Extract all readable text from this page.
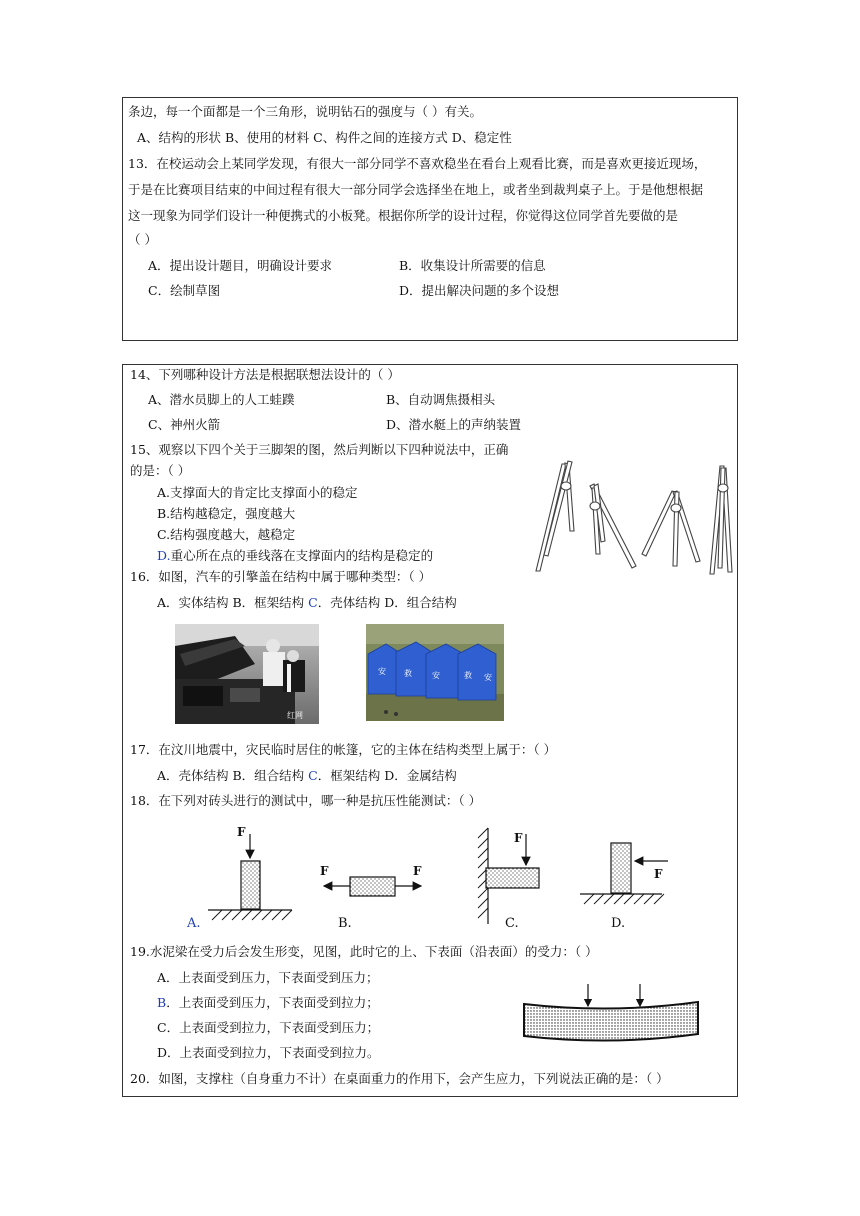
条边，每一个面都是一个三角形，说明钻石的强度与（ ）有关。
A、结构的形状 B、使用的材料 C、构件之间的连接方式 D、稳定性
13．在校运动会上某同学发现，有很大一部分同学不喜欢稳坐在看台上观看比赛，而是喜欢更接近现场，
于是在比赛项目结束的中间过程有很大一部分同学会选择坐在地上，或者坐到裁判桌子上。于是他想根据
这一现象为同学们设计一种便携式的小板凳。根据你所学的设计过程，你觉得这位同学首先要做的是
（ ）
A．提出设计题目，明确设计要求	B．收集设计所需要的信息
C．绘制草图	D．提出解决问题的多个设想
14、下列哪种设计方法是根据联想法设计的（ ）
A、潜水员脚上的人工蛙蹼	B、自动调焦摄相头
C、神州火箭	D、潜水艇上的声纳装置
15、观察以下四个关于三脚架的图，然后判断以下四种说法中，正确
的是：（ ）
A.支撑面大的肯定比支撑面小的稳定
B.结构越稳定，强度越大
C.结构强度越大，越稳定
D.重心所在点的垂线落在支撑面内的结构是稳定的
16．如图，汽车的引擎盖在结构中属于哪种类型：（ ）
A．实体结构 B．框架结构 C．壳体结构 D．组合结构
红网
安 救	安	救 安
17．在汶川地震中，灾民临时居住的帐篷，它的主体在结构类型上属于：（ ）
A．壳体结构 B．组合结构 C．框架结构 D．金属结构
18．在下列对砖头进行的测试中，哪一种是抗压性能测试：（ ）
F
F	F
F
F
A.	B.	C.	D.
19.水泥梁在受力后会发生形变，见图，此时它的上、下表面（沿表面）的受力：（ ）
A．上表面受到压力，下表面受到压力；
B．上表面受到压力，下表面受到拉力；
C．上表面受到拉力，下表面受到压力；
D．上表面受到拉力，下表面受到拉力。
20．如图，支撑柱（自身重力不计）在桌面重力的作用下，会产生应力，下列说法正确的是：（ ）
